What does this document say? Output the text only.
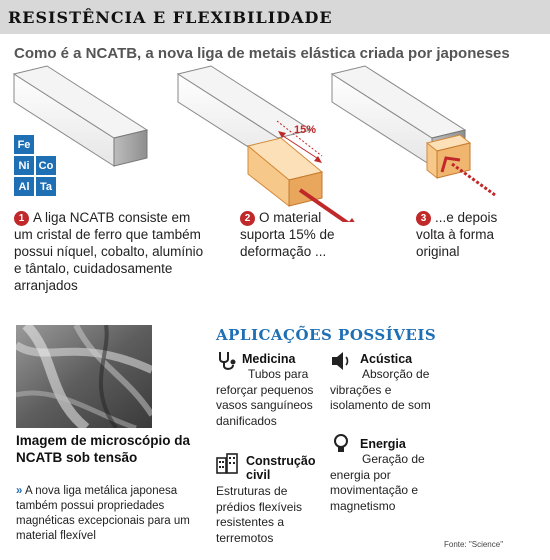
RESISTÊNCIA E FLEXIBILIDADE
Como é a NCATB, a nova liga de metais elástica criada por japoneses
15%
Fe
Ni Co
Al Ta
1 A liga NCATB consiste em um cristal de ferro que também possui níquel, cobalto, alumínio e tântalo, cuidadosamente arranjados
2 O material suporta 15% de deformação ...
3 ...e depois volta à forma original
Imagem de microscópio da NCATB sob tensão
» A nova liga metálica japonesa também possui propriedades magnéticas excepcionais para um material flexível
APLICAÇÕES POSSÍVEIS
Medicina
Tubos para reforçar pequenos vasos sanguíneos danificados
Acústica
Absorção de vibrações e isolamento de som
Construção civil
Estruturas de prédios flexíveis resistentes a terremotos
Energia
Geração de energia por movimentação e magnetismo
Fonte: "Science"
